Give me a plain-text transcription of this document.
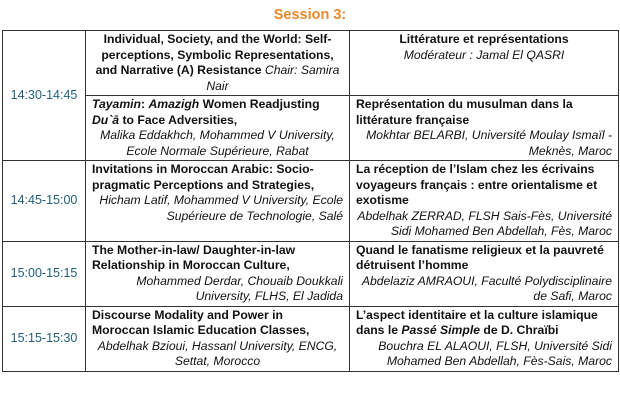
Session 3:
14:30-14:45	Individual, Society, and the World: Self-perceptions, Symbolic Representations, and Narrative (A) Resistance Chair: Samira Nair	Littérature et représentations
Modérateur : Jamal El QASRI

	Tayamin: Amazigh Women Readjusting Du`ā to Face Adversities,
Malika Eddakhch, Mohammed V University, Ecole Normale Supérieure, Rabat	Représentation du musulman dans la littérature française
Mokhtar BELARBI, Université Moulay Ismaïl -Meknès, Maroc

14:45-15:00	Invitations in Moroccan Arabic: Socio-pragmatic Perceptions and Strategies,
Hicham Latif, Mohammed V University, Ecole Supérieure de Technologie, Salé	La réception de l’Islam chez les écrivains voyageurs français : entre orientalisme et exotisme
Abdelhak ZERRAD, FLSH Sais-Fès, Université Sidi Mohamed Ben Abdellah, Fès, Maroc

15:00-15:15	The Mother-in-law/ Daughter-in-law Relationship in Moroccan Culture,
Mohammed Derdar, Chouaib Doukkali University, FLHS, El Jadida	Quand le fanatisme religieux et la pauvreté détruisent l’homme
Abdelaziz AMRAOUI, Faculté Polydisciplinaire de Safi, Maroc

15:15-15:30	Discourse Modality and Power in Moroccan Islamic Education Classes,
Abdelhak Bzioui, Hassanl University, ENCG, Settat, Morocco	L’aspect identitaire et la culture islamique dans le Passé Simple de D. Chraïbi
Bouchra EL ALAOUI, FLSH, Université Sidi Mohamed Ben Abdellah, Fès-Sais, Maroc
